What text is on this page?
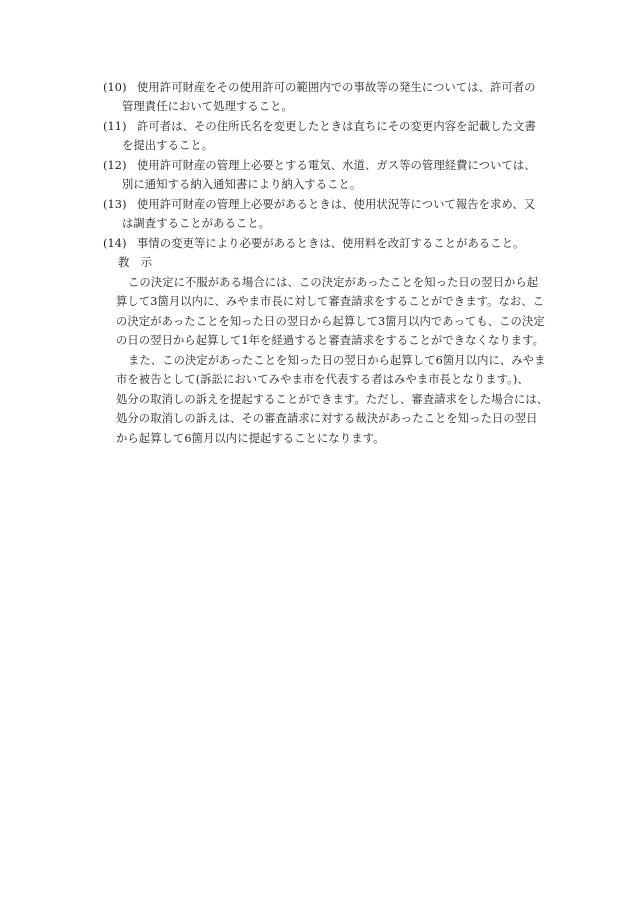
(10) 使用許可財産をその使用許可の範囲内での事故等の発生については、許可者の
管理責任において処理すること。
(11) 許可者は、その住所氏名を変更したときは直ちにその変更内容を記載した文書
を提出すること。
(12) 使用許可財産の管理上必要とする電気、水道、ガス等の管理経費については、
別に通知する納入通知書により納入すること。
(13) 使用許可財産の管理上必要があるときは、使用状況等について報告を求め、又
は調査することがあること。
(14) 事情の変更等により必要があるときは、使用料を改訂することがあること。
教　示
この決定に不服がある場合には、この決定があったことを知った日の翌日から起
算して3箇月以内に、みやま市長に対して審査請求をすることができます。なお、こ
の決定があったことを知った日の翌日から起算して3箇月以内であっても、この決定
の日の翌日から起算して1年を経過すると審査請求をすることができなくなります。
また、この決定があったことを知った日の翌日から起算して6箇月以内に、みやま
市を被告として(訴訟においてみやま市を代表する者はみやま市長となります。)、
処分の取消しの訴えを提起することができます。ただし、審査請求をした場合には、
処分の取消しの訴えは、その審査請求に対する裁決があったことを知った日の翌日
から起算して6箇月以内に提起することになります。
